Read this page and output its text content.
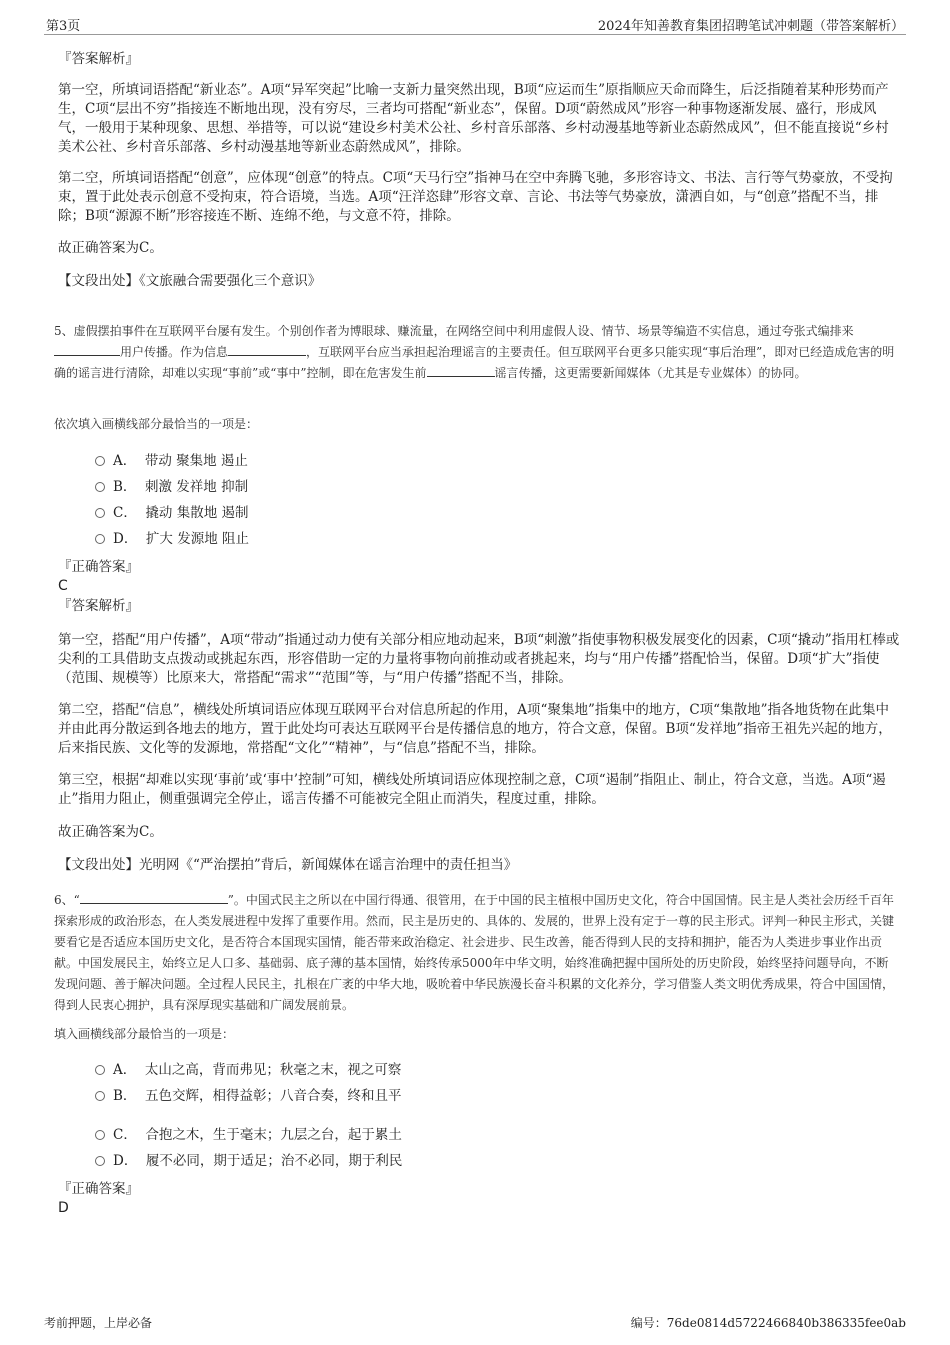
第3页	2024年知善教育集团招聘笔试冲刺题（带答案解析）
『答案解析』

第一空，所填词语搭配“新业态”。A项“异军突起”比喻一支新力量突然出现，B项“应运而生”原指顺应天命而降生，后泛指随着某种形势而产生，C项“层出不穷”指接连不断地出现，没有穷尽，三者均可搭配“新业态”，保留。D项“蔚然成风”形容一种事物逐渐发展、盛行，形成风气，一般用于某种现象、思想、举措等，可以说“建设乡村美术公社、乡村音乐部落、乡村动漫基地等新业态蔚然成风”，但不能直接说“乡村美术公社、乡村音乐部落、乡村动漫基地等新业态蔚然成风”，排除。

第二空，所填词语搭配“创意”，应体现“创意”的特点。C项“天马行空”指神马在空中奔腾飞驰，多形容诗文、书法、言行等气势豪放，不受拘束，置于此处表示创意不受拘束，符合语境，当选。A项“汪洋恣肆”形容文章、言论、书法等气势豪放，潇洒自如，与“创意”搭配不当，排除；B项“源源不断”形容接连不断、连绵不绝，与文意不符，排除。

故正确答案为C。

【文段出处】《文旅融合需要强化三个意识》

5、虚假摆拍事件在互联网平台屡有发生。个别创作者为博眼球、赚流量，在网络空间中利用虚假人设、情节、场景等编造不实信息，通过夸张式编排来用户传播。作为信息	，互联网平台应当承担起治理谣言的主要责任。但互联网平台更多只能实现“事后治理”，即对已经造成危害的明确的谣言进行清除，却难以实现“事前”或“事中”控制，即在危害发生前	谣言传播，这更需要新闻媒体（尤其是专业媒体）的协同。

依次填入画横线部分最恰当的一项是：

A． 带动 聚集地 遏止
B． 刺激 发祥地 抑制
C． 撬动 集散地 遏制
D． 扩大 发源地 阻止
『正确答案』
C
『答案解析』

第一空，搭配“用户传播”，A项“带动”指通过动力使有关部分相应地动起来，B项“刺激”指使事物积极发展变化的因素，C项“撬动”指用杠棒或尖利的工具借助支点拨动或挑起东西，形容借助一定的力量将事物向前推动或者挑起来，均与“用户传播”搭配恰当，保留。D项“扩大”指使（范围、规模等）比原来大，常搭配“需求”“范围”等，与“用户传播”搭配不当，排除。

第二空，搭配“信息”，横线处所填词语应体现互联网平台对信息所起的作用，A项“聚集地”指集中的地方，C项“集散地”指各地货物在此集中并由此再分散运到各地去的地方，置于此处均可表达互联网平台是传播信息的地方，符合文意，保留。B项“发祥地”指帝王祖先兴起的地方，后来指民族、文化等的发源地，常搭配“文化”“精神”，与“信息”搭配不当，排除。

第三空，根据“却难以实现‘事前’或‘事中’控制”可知，横线处所填词语应体现控制之意，C项“遏制”指阻止、制止，符合文意，当选。A项“遏止”指用力阻止，侧重强调完全停止，谣言传播不可能被完全阻止而消失，程度过重，排除。

故正确答案为C。

【文段出处】光明网《“严治摆拍”背后，新闻媒体在谣言治理中的责任担当》

6、“	”。中国式民主之所以在中国行得通、很管用，在于中国的民主植根中国历史文化，符合中国国情。民主是人类社会历经千百年探索形成的政治形态，在人类发展进程中发挥了重要作用。然而，民主是历史的、具体的、发展的，世界上没有定于一尊的民主形式。评判一种民主形式，关键要看它是否适应本国历史文化，是否符合本国现实国情，能否带来政治稳定、社会进步、民生改善，能否得到人民的支持和拥护，能否为人类进步事业作出贡献。中国发展民主，始终立足人口多、基础弱、底子薄的基本国情，始终传承5000年中华文明，始终准确把握中国所处的历史阶段，始终坚持问题导向，不断发现问题、善于解决问题。全过程人民民主，扎根在广袤的中华大地，吸吮着中华民族漫长奋斗积累的文化养分，学习借鉴人类文明优秀成果，符合中国国情，得到人民衷心拥护，具有深厚现实基础和广阔发展前景。

填入画横线部分最恰当的一项是：

A． 太山之高，背而弗见；秋毫之末，视之可察
B． 五色交辉，相得益彰；八音合奏，终和且平
C． 合抱之木，生于毫末；九层之台，起于累土
D． 履不必同，期于适足；治不必同，期于利民
『正确答案』
D
考前押题，上岸必备	编号：76de0814d5722466840b386335fee0ab
